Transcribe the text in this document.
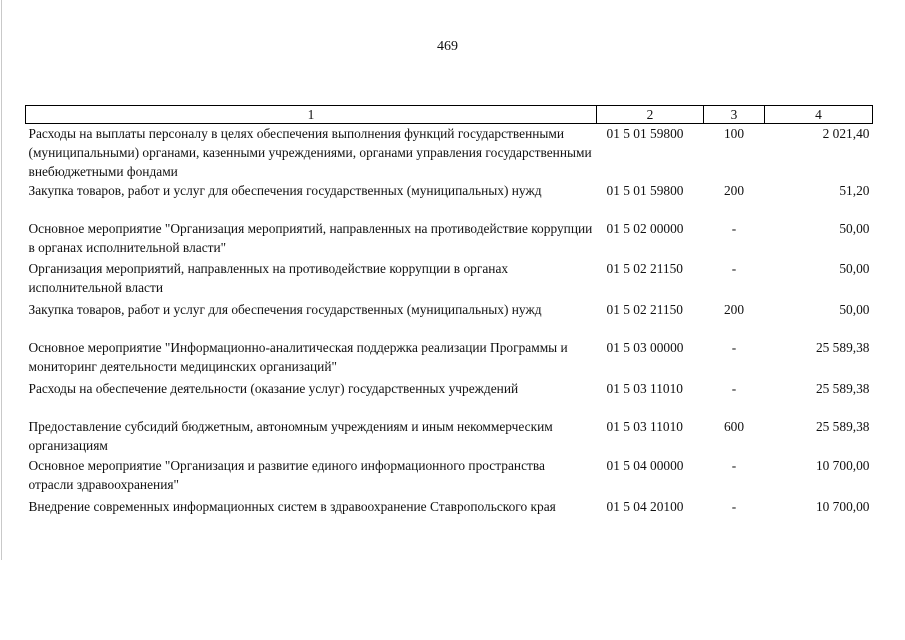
469
1	2	3	4
Расходы на выплаты персоналу в целях обеспечения выполнения функций государственными (муниципальными) органами, казенными учреждениями, органами управления государственными внебюджетными фондами	01 5 01 59800	100	2 021,40
Закупка товаров, работ и услуг для обеспечения государственных (муниципальных) нужд	01 5 01 59800	200	51,20
Основное мероприятие "Организация мероприятий, направленных на противодействие коррупции в органах исполнительной власти"	01 5 02 00000	-	50,00
Организация мероприятий, направленных на противодействие коррупции в органах исполнительной власти	01 5 02 21150	-	50,00
Закупка товаров, работ и услуг для обеспечения государственных (муниципальных) нужд	01 5 02 21150	200	50,00
Основное мероприятие "Информационно-аналитическая поддержка реализации Программы и мониторинг деятельности медицинских организаций"	01 5 03 00000	-	25 589,38
Расходы на обеспечение деятельности (оказание услуг) государственных учреждений	01 5 03 11010	-	25 589,38
Предоставление субсидий бюджетным, автономным учреждениям и иным некоммерческим организациям	01 5 03 11010	600	25 589,38
Основное мероприятие "Организация и развитие единого информационного пространства отрасли здравоохранения"	01 5 04 00000	-	10 700,00
Внедрение современных информационных систем в здравоохранение Ставропольского края	01 5 04 20100	-	10 700,00
